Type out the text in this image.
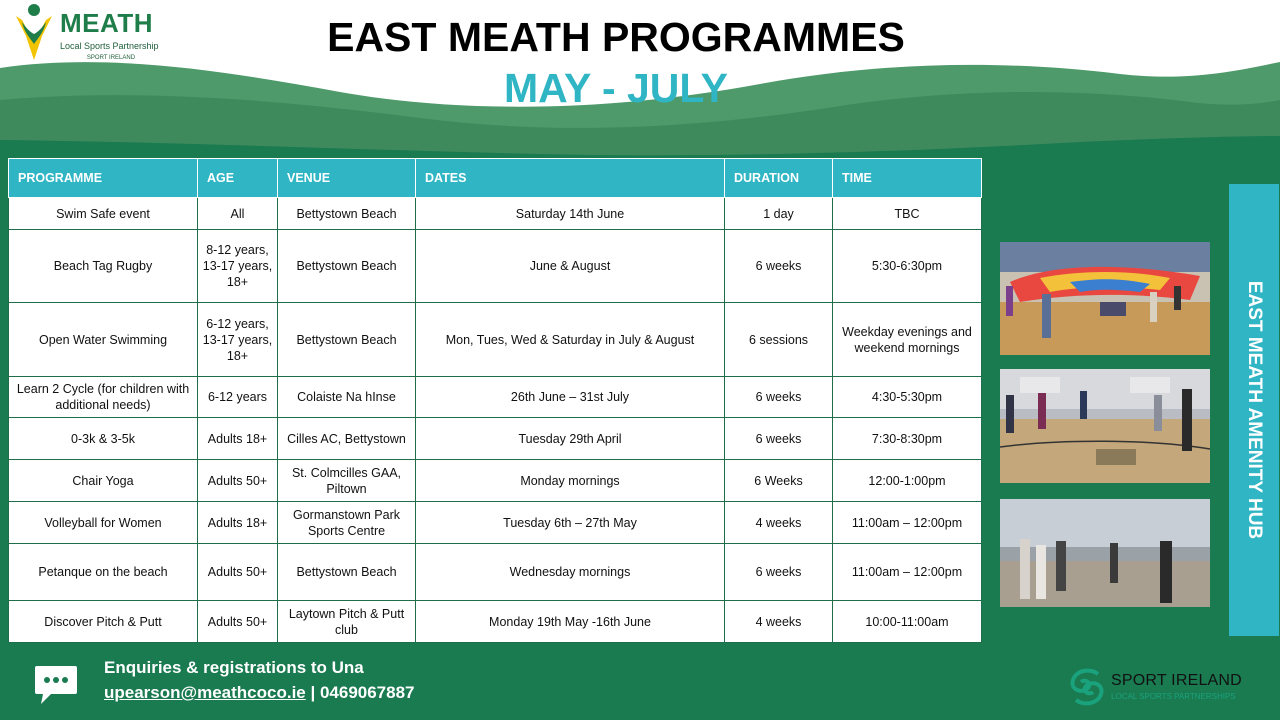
MEATH
Local Sports Partnership
SPORT IRELAND	EAST MEATH PROGRAMMES
MAY - JULY
PROGRAMME	AGE	VENUE	DATES	DURATION	TIME
Swim Safe event	All	Bettystown Beach	Saturday 14th June	1 day	TBC
Beach Tag Rugby	8-12 years, 13-17 years, 18+	Bettystown Beach	June & August	6 weeks	5:30-6:30pm
Open Water Swimming	6-12 years, 13-17 years, 18+	Bettystown Beach	Mon, Tues, Wed & Saturday in July & August	6 sessions	Weekday evenings and weekend mornings
Learn 2 Cycle (for children with additional needs)	6-12 years	Colaiste Na hInse	26th June – 31st July	6 weeks	4:30-5:30pm
0-3k & 3-5k	Adults 18+	Cilles AC, Bettystown	Tuesday 29th April	6 weeks	7:30-8:30pm
Chair Yoga	Adults 50+	St. Colmcilles GAA, Piltown	Monday mornings	6 Weeks	12:00-1:00pm
Volleyball for Women	Adults 18+	Gormanstown Park Sports Centre	Tuesday 6th – 27th May	4 weeks	11:00am – 12:00pm
Petanque on the beach	Adults 50+	Bettystown Beach	Wednesday mornings	6 weeks	11:00am – 12:00pm
Discover Pitch & Putt	Adults 50+	Laytown Pitch & Putt club	Monday 19th May -16th June	4 weeks	10:00-11:00am
EAST MEATH AMENITY HUB
Enquiries & registrations to Una
upearson@meathcoco.ie | 0469067887
SPORT IRELAND
LOCAL SPORTS PARTNERSHIPS
